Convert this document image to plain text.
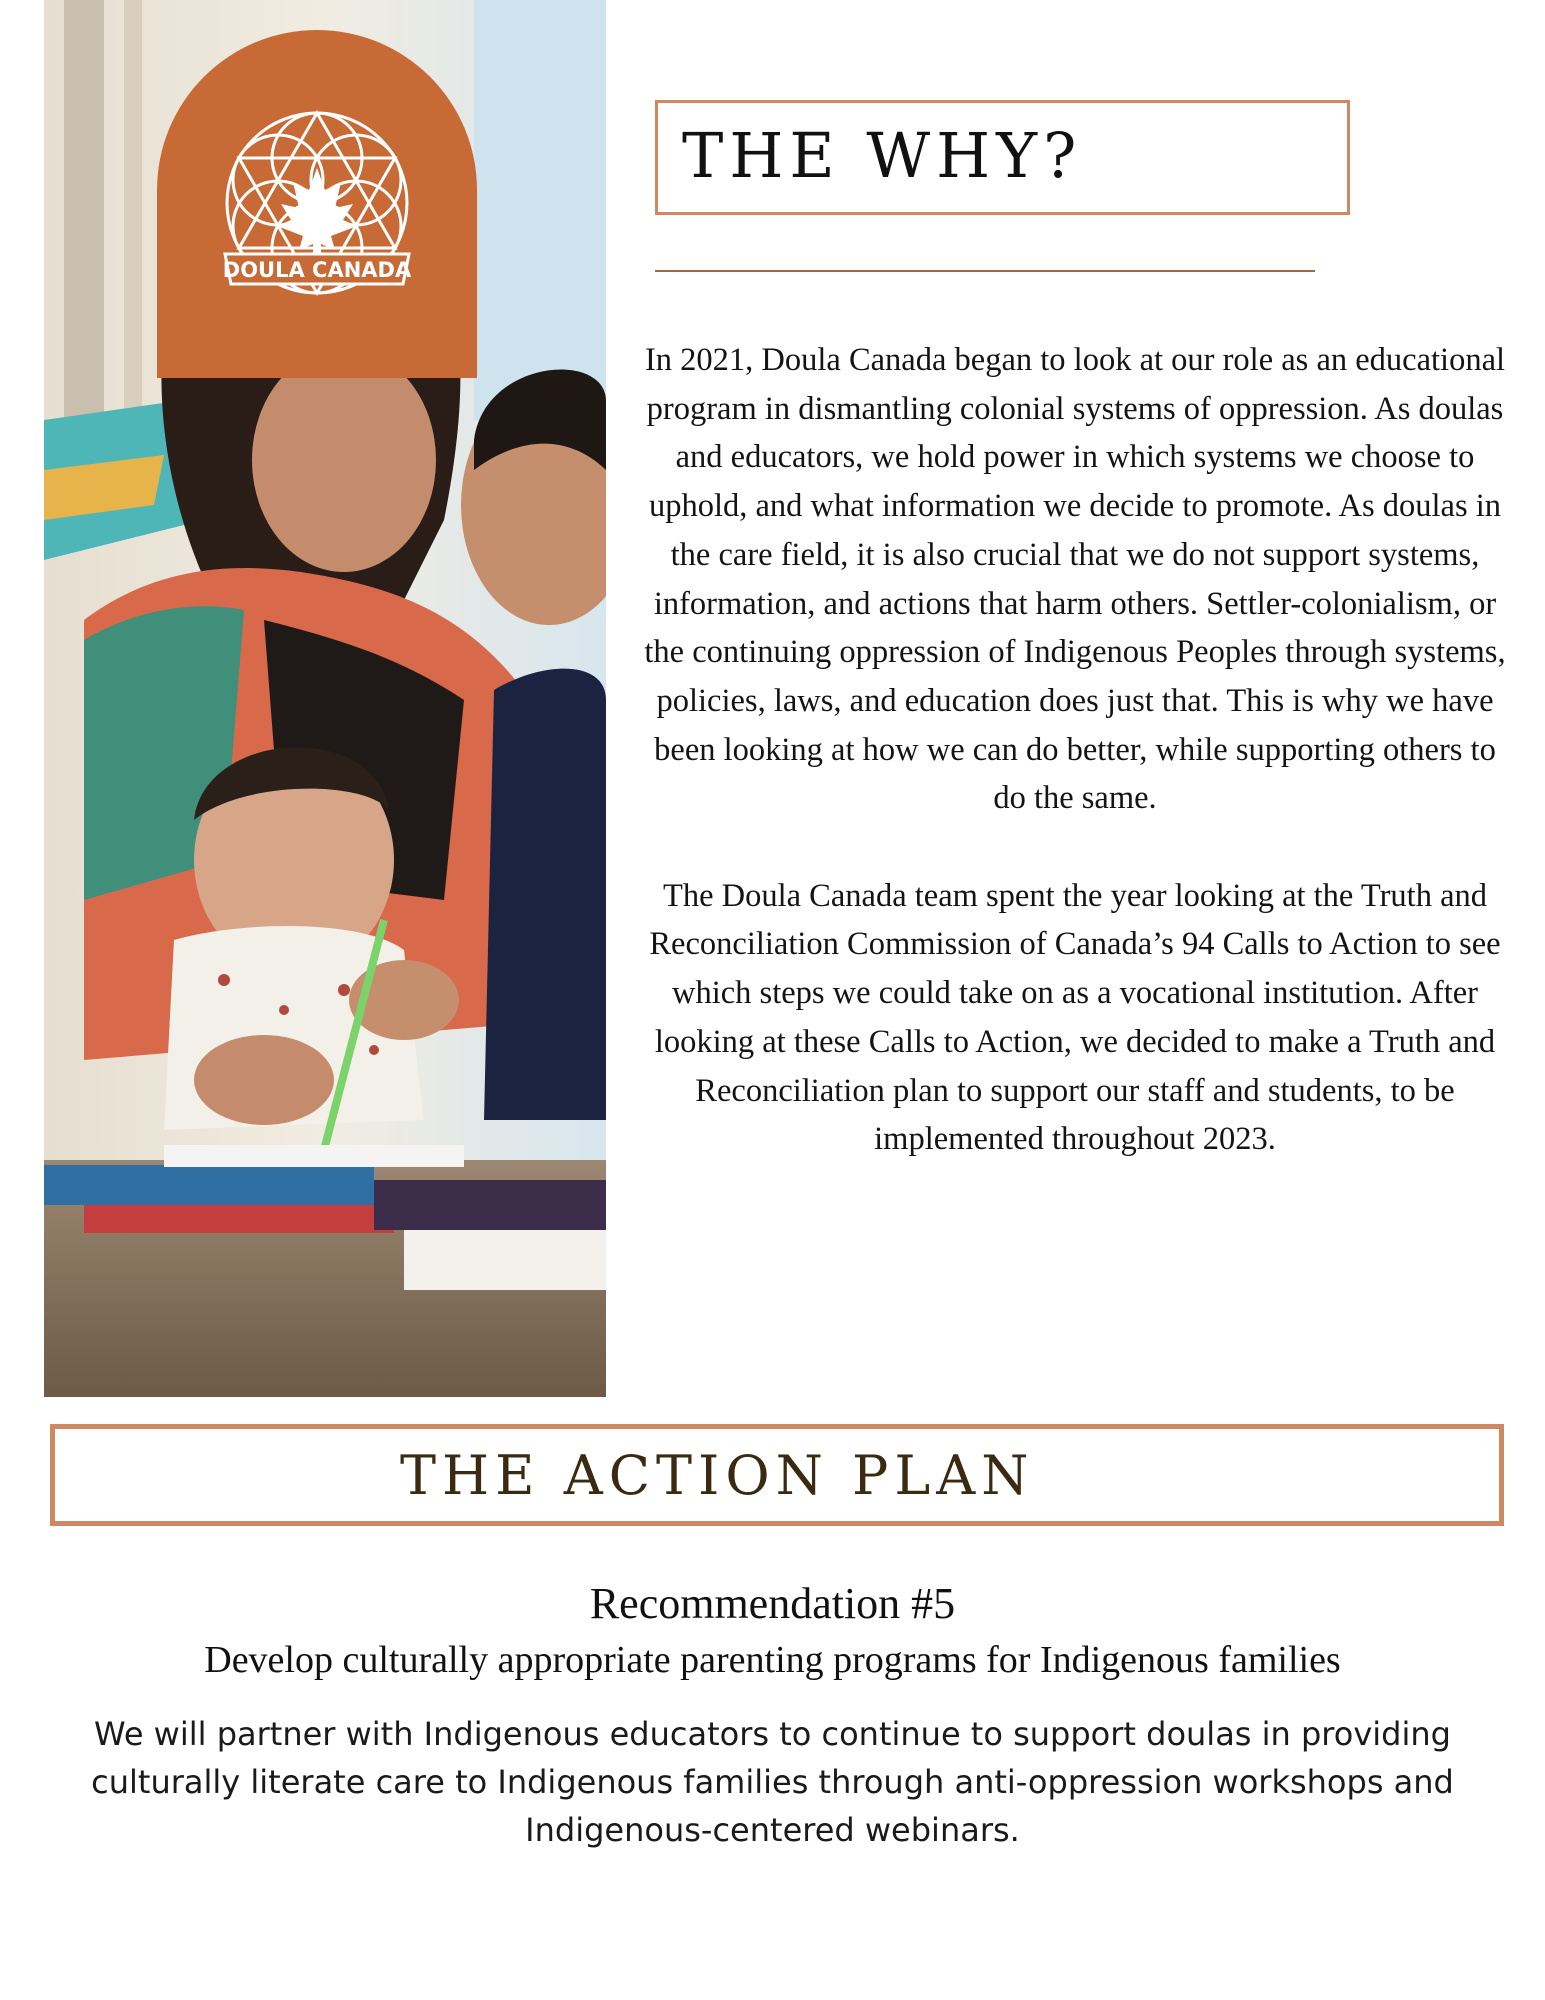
DOULA CANADA
THE WHY?

In 2021, Doula Canada began to look at our role as an educational program in dismantling colonial systems of oppression. As doulas and educators, we hold power in which systems we choose to uphold, and what information we decide to promote. As doulas in the care field, it is also crucial that we do not support systems, information, and actions that harm others. Settler-colonialism, or the continuing oppression of Indigenous Peoples through systems, policies, laws, and education does just that. This is why we have been looking at how we can do better, while supporting others to do the same.

The Doula Canada team spent the year looking at the Truth and Reconciliation Commission of Canada’s 94 Calls to Action to see which steps we could take on as a vocational institution. After looking at these Calls to Action, we decided to make a Truth and Reconciliation plan to support our staff and students, to be implemented throughout 2023.

THE ACTION PLAN
Recommendation #5
Develop culturally appropriate parenting programs for Indigenous families

We will partner with Indigenous educators to continue to support doulas in providing culturally literate care to Indigenous families through anti-oppression workshops and Indigenous-centered webinars.
